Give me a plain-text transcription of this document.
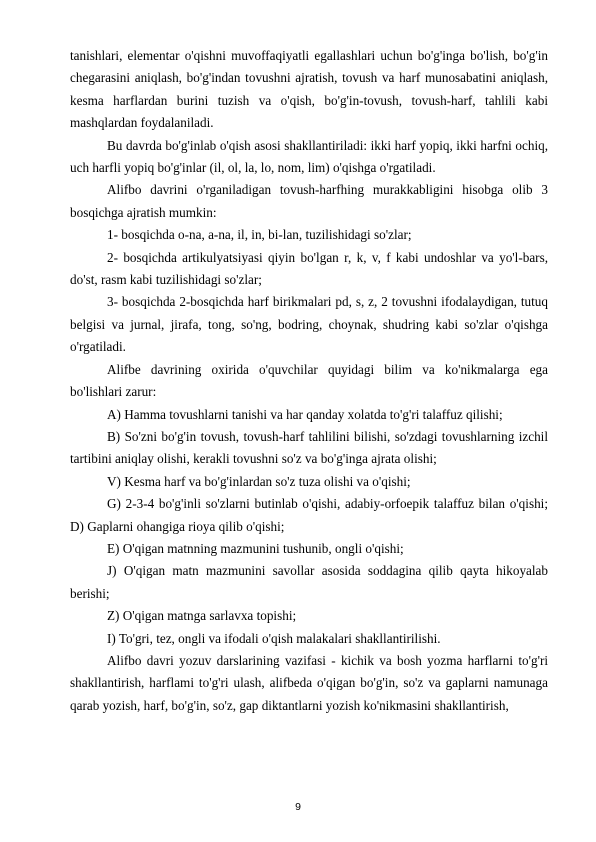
tanishlari, elementar o'qishni muvoffaqiyatli egallashlari uchun bo'g'inga bo'lish, bo'g'in chegarasini aniqlash, bo'g'indan tovushni ajratish, tovush va harf munosabatini aniqlash, kesma harflardan burini tuzish va o'qish, bo'g'in-tovush, tovush-harf, tahlili kabi mashqlardan foydalaniladi.

Bu davrda bo'g'inlab o'qish asosi shakllantiriladi: ikki harf yopiq, ikki harfni ochiq, uch harfli yopiq bo'g'inlar (il, ol, la, lo, nom, lim) o'qishga o'rgatiladi.

Alifbo davrini o'rganiladigan tovush-harfhing murakkabligini hisobga olib 3 bosqichga ajratish mumkin:

1- bosqichda o-na, a-na, il, in, bi-lan, tuzilishidagi so'zlar;

2- bosqichda artikulyatsiyasi qiyin bo'lgan r, k, v, f kabi undoshlar va yo'l-bars, do'st, rasm kabi tuzilishidagi so'zlar;

3- bosqichda 2-bosqichda harf birikmalari pd, s, z, 2 tovushni ifodalaydigan, tutuq belgisi va jurnal, jirafa, tong, so'ng, bodring, choynak, shudring kabi so'zlar o'qishga o'rgatiladi.

Alifbe davrining oxirida o'quvchilar quyidagi bilim va ko'nikmalarga ega bo'lishlari zarur:

A) Hamma tovushlarni tanishi va har qanday xolatda to'g'ri talaffuz qilishi;

B) So'zni bo'g'in tovush, tovush-harf tahlilini bilishi, so'zdagi tovushlarning izchil tartibini aniqlay olishi, kerakli tovushni so'z va bo'g'inga ajrata olishi;

V) Kesma harf va bo'g'inlardan so'z tuza olishi va o'qishi;

G) 2-3-4 bo'g'inli so'zlarni butinlab o'qishi, adabiy-orfoepik talaffuz bilan o'qishi; D) Gaplarni ohangiga rioya qilib o'qishi;

E) O'qigan matnning mazmunini tushunib, ongli o'qishi;

J) O'qigan matn mazmunini savollar asosida soddagina qilib qayta hikoyalab berishi;

Z) O'qigan matnga sarlavxa topishi;

I) To'gri, tez, ongli va ifodali o'qish malakalari shakllantirilishi.

Alifbo davri yozuv darslarining vazifasi - kichik va bosh yozma harflarni to'g'ri shakllantirish, harflami to'g'ri ulash, alifbeda o'qigan bo'g'in, so'z va gaplarni namunaga qarab yozish, harf, bo'g'in, so'z, gap diktantlarni yozish ko'nikmasini shakllantirish,

9
